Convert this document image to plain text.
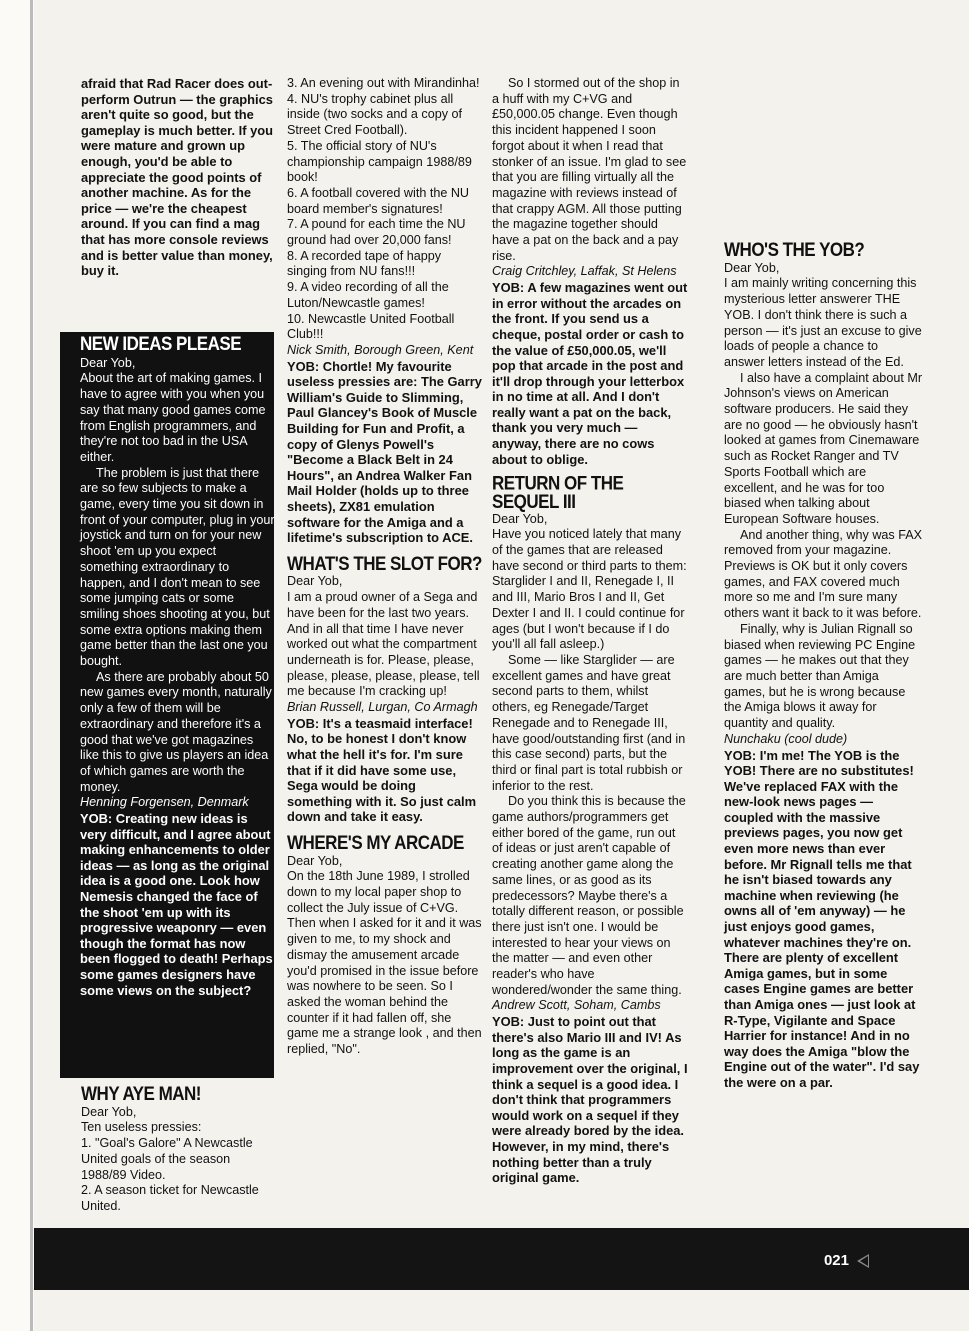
afraid that Rad Racer does out-perform Outrun — the graphics aren't quite so good, but the gameplay is much better. If you were mature and grown up enough, you'd be able to appreciate the good points of another machine. As for the price — we're the cheapest around. If you can find a mag that has more console reviews and is better value than money, buy it.

NEW IDEAS PLEASE

Dear Yob,

About the art of making games. I have to agree with you when you say that many good games come from English programmers, and they're not too bad in the USA either.

The problem is just that there are so few subjects to make a game, every time you sit down in front of your computer, plug in your joystick and turn on for your new shoot 'em up you expect something extraordinary to happen, and I don't mean to see some jumping cats or some smiling shoes shooting at you, but some extra options making them game better than the last one you bought.

As there are probably about 50 new games every month, naturally only a few of them will be extraordinary and therefore it's a good that we've got magazines like this to give us players an idea of which games are worth the money.

Henning Forgensen, Denmark

YOB: Creating new ideas is very difficult, and I agree about making enhancements to older ideas — as long as the original idea is a good one. Look how Nemesis changed the face of the shoot 'em up with its progressive weaponry — even though the format has now been flogged to death! Perhaps some games designers have some views on the subject?

WHY AYE MAN!

Dear Yob,

Ten useless pressies:

1. "Goal's Galore" A Newcastle United goals of the season 1988/89 Video.

2. A season ticket for Newcastle United.

3. An evening out with Mirandinha!

4. NU's trophy cabinet plus all inside (two socks and a copy of Street Cred Football).

5. The official story of NU's championship campaign 1988/89 book!

6. A football covered with the NU board member's signatures!

7. A pound for each time the NU ground had over 20,000 fans!

8. A recorded tape of happy singing from NU fans!!!

9. A video recording of all the Luton/Newcastle games!

10. Newcastle United Football Club!!!

Nick Smith, Borough Green, Kent

YOB: Chortle! My favourite useless pressies are: The Garry William's Guide to Slimming, Paul Glancey's Book of Muscle Building for Fun and Profit, a copy of Glenys Powell's "Become a Black Belt in 24 Hours", an Andrea Walker Fan Mail Holder (holds up to three sheets), ZX81 emulation software for the Amiga and a lifetime's subscription to ACE.

WHAT'S THE SLOT FOR?

Dear Yob,

I am a proud owner of a Sega and have been for the last two years. And in all that time I have never worked out what the compartment underneath is for. Please, please, please, please, please, please, tell me because I'm cracking up!

Brian Russell, Lurgan, Co Armagh

YOB: It's a teasmaid interface! No, to be honest I don't know what the hell it's for. I'm sure that if it did have some use, Sega would be doing something with it. So just calm down and take it easy.

WHERE'S MY ARCADE

Dear Yob,

On the 18th June 1989, I strolled down to my local paper shop to collect the July issue of C+VG. Then when I asked for it and it was given to me, to my shock and dismay the amusement arcade you'd promised in the issue before was nowhere to be seen. So I asked the woman behind the counter if it had fallen off, she game me a strange look , and then replied, "No".

So I stormed out of the shop in a huff with my C+VG and £50,000.05 change. Even though this incident happened I soon forgot about it when I read that stonker of an issue. I'm glad to see that you are filling virtually all the magazine with reviews instead of that crappy AGM. All those putting the magazine together should have a pat on the back and a pay rise.

Craig Critchley, Laffak, St Helens

YOB: A few magazines went out in error without the arcades on the front. If you send us a cheque, postal order or cash to the value of £50,000.05, we'll pop that arcade in the post and it'll drop through your letterbox in no time at all. And I don't really want a pat on the back, thank you very much — anyway, there are no cows about to oblige.

RETURN OF THE SEQUEL III

Dear Yob,

Have you noticed lately that many of the games that are released have second or third parts to them: Starglider I and II, Renegade I, II and III, Mario Bros I and II, Get Dexter I and II. I could continue for ages (but I won't because if I do you'll all fall asleep.)

Some — like Starglider — are excellent games and have great second parts to them, whilst others, eg Renegade/Target Renegade and to Renegade III, have good/outstanding first (and in this case second) parts, but the third or final part is total rubbish or inferior to the rest.

Do you think this is because the game authors/programmers get either bored of the game, run out of ideas or just aren't capable of creating another game along the same lines, or as good as its predecessors? Maybe there's a totally different reason, or possible there just isn't one. I would be interested to hear your views on the matter — and even other reader's who have wondered/wonder the same thing.

Andrew Scott, Soham, Cambs

YOB: Just to point out that there's also Mario III and IV! As long as the game is an improvement over the original, I think a sequel is a good idea. I don't think that programmers would work on a sequel if they were already bored by the idea. However, in my mind, there's nothing better than a truly original game.

WHO'S THE YOB?

Dear Yob,

I am mainly writing concerning this mysterious letter answerer THE YOB. I don't think there is such a person — it's just an excuse to give loads of people a chance to answer letters instead of the Ed.

I also have a complaint about Mr Johnson's views on American software producers. He said they are no good — he obviously hasn't looked at games from Cinemaware such as Rocket Ranger and TV Sports Football which are excellent, and he was for too biased when talking about European Software houses.

And another thing, why was FAX removed from your magazine. Previews is OK but it only covers games, and FAX covered much more so me and I'm sure many others want it back to it was before.

Finally, why is Julian Rignall so biased when reviewing PC Engine games — he makes out that they are much better than Amiga games, but he is wrong because the Amiga blows it away for quantity and quality.

Nunchaku (cool dude)

YOB: I'm me! The YOB is the YOB! There are no substitutes! We've replaced FAX with the new-look news pages — coupled with the massive previews pages, you now get even more news than ever before. Mr Rignall tells me that he isn't biased towards any machine when reviewing (he owns all of 'em anyway) — he just enjoys good games, whatever machines they're on. There are plenty of excellent Amiga games, but in some cases Engine games are better than Amiga ones — just look at R-Type, Vigilante and Space Harrier for instance! And in no way does the Amiga "blow the Engine out of the water". I'd say the were on a par.

021
